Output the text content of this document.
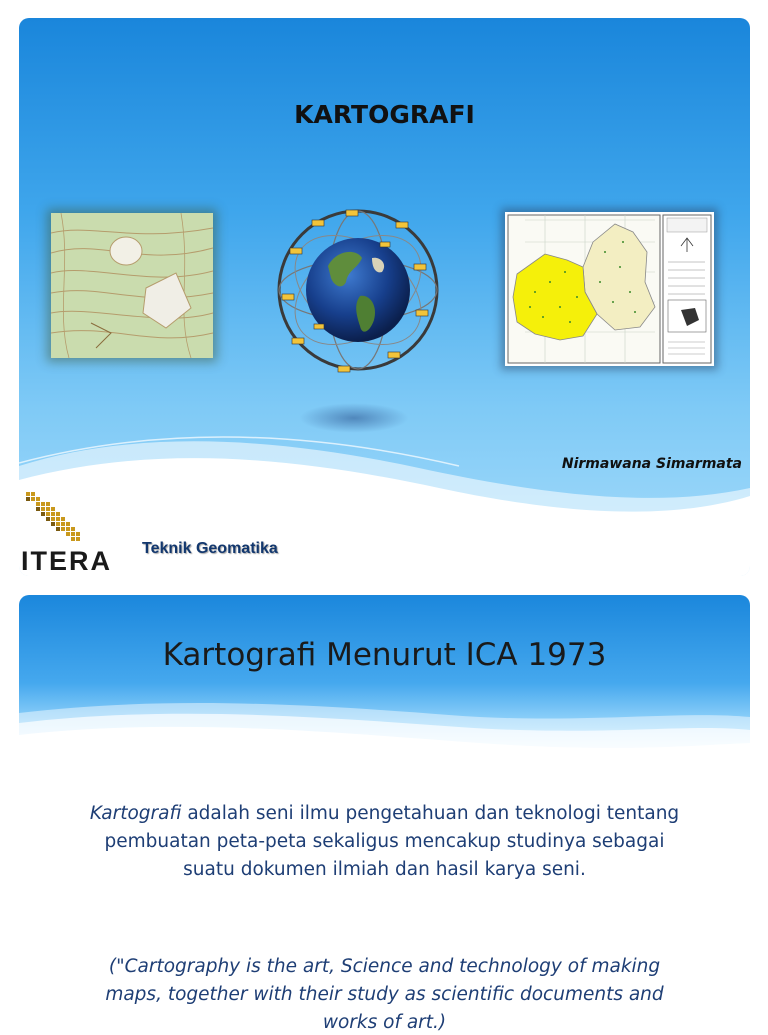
KARTOGRAFI
Nirmawana Simarmata
ITERA Teknik Geomatika
Kartografi Menurut ICA 1973
Kartografi adalah seni ilmu pengetahuan dan teknologi tentang pembuatan peta-peta sekaligus mencakup studinya sebagai suatu dokumen ilmiah dan hasil karya seni.
("Cartography is the art, Science and technology of making maps, together with their study as scientific documents and works of art.)
